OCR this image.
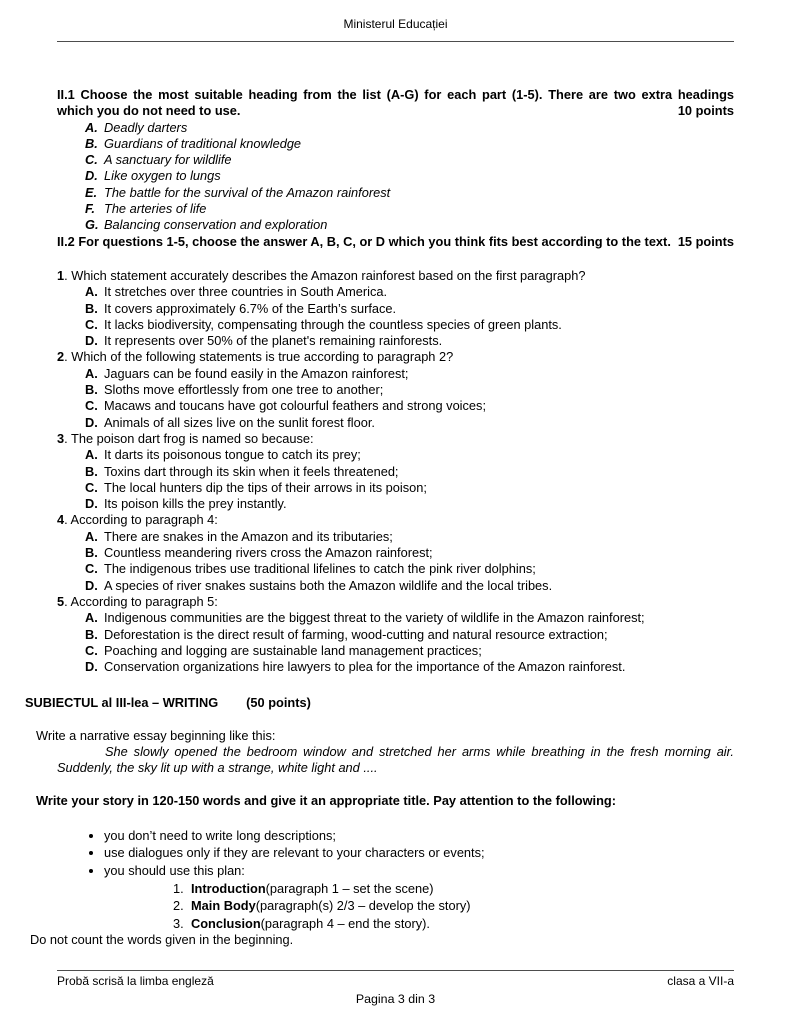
Ministerul Educației

II.1 Choose the most suitable heading from the list (A-G) for each part (1-5). There are two extra headings which you do not need to use.	10 points

A. Deadly darters
B. Guardians of traditional knowledge
C. A sanctuary for wildlife
D. Like oxygen to lungs
E. The battle for the survival of the Amazon rainforest
F. The arteries of life
G. Balancing conservation and exploration

II.2 For questions 1-5, choose the answer A, B, C, or D which you think fits best according to the text. 15 points

1. Which statement accurately describes the Amazon rainforest based on the first paragraph?

A. It stretches over three countries in South America.
B. It covers approximately 6.7% of the Earth’s surface.
C. It lacks biodiversity, compensating through the countless species of green plants.
D. It represents over 50% of the planet's remaining rainforests.

2. Which of the following statements is true according to paragraph 2?

A. Jaguars can be found easily in the Amazon rainforest;
B. Sloths move effortlessly from one tree to another;
C. Macaws and toucans have got colourful feathers and strong voices;
D. Animals of all sizes live on the sunlit forest floor.

3. The poison dart frog is named so because:

A. It darts its poisonous tongue to catch its prey;
B. Toxins dart through its skin when it feels threatened;
C. The local hunters dip the tips of their arrows in its poison;
D. Its poison kills the prey instantly.

4. According to paragraph 4:

A. There are snakes in the Amazon and its tributaries;
B. Countless meandering rivers cross the Amazon rainforest;
C. The indigenous tribes use traditional lifelines to catch the pink river dolphins;
D. A species of river snakes sustains both the Amazon wildlife and the local tribes.

5. According to paragraph 5:

A. Indigenous communities are the biggest threat to the variety of wildlife in the Amazon rainforest;
B. Deforestation is the direct result of farming, wood-cutting and natural resource extraction;
C. Poaching and logging are sustainable land management practices;
D. Conservation organizations hire lawyers to plea for the importance of the Amazon rainforest.

SUBIECTUL al III-lea – WRITING (50 points)

Write a narrative essay beginning like this:

She slowly opened the bedroom window and stretched her arms while breathing in the fresh morning air. Suddenly, the sky lit up with a strange, white light and ....

Write your story in 120-150 words and give it an appropriate title. Pay attention to the following:

• you don’t need to write long descriptions;
• use dialogues only if they are relevant to your characters or events;
• you should use this plan:
1. Introduction (paragraph 1 – set the scene)
2. Main Body (paragraph(s) 2/3 – develop the story)
3. Conclusion (paragraph 4 – end the story).

Do not count the words given in the beginning.

Probă scrisă la limba engleză	clasa a VII-a
Pagina 3 din 3
